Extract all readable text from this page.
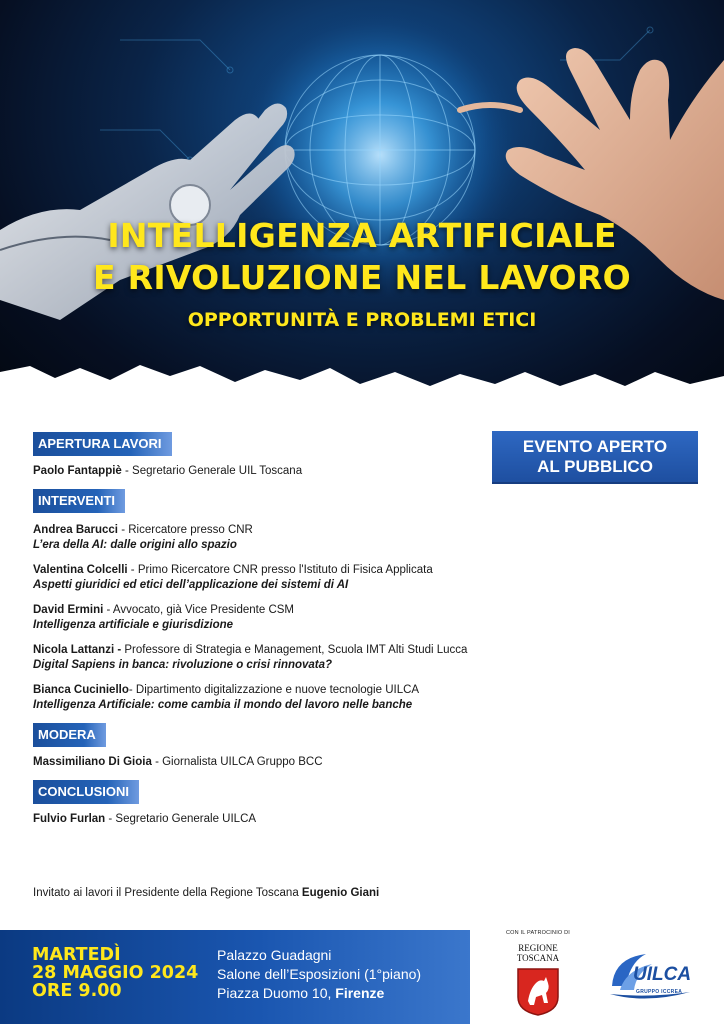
INTELLIGENZA ARTIFICIALE
E RIVOLUZIONE NEL LAVORO
OPPORTUNITÀ E PROBLEMI ETICI
EVENTO APERTO
AL PUBBLICO
APERTURA LAVORI
Paolo Fantappiè - Segretario Generale UIL Toscana
INTERVENTI
Andrea Barucci - Ricercatore presso CNR
L’era della AI: dalle origini allo spazio
Valentina Colcelli - Primo Ricercatore CNR presso l'Istituto di Fisica Applicata
Aspetti giuridici ed etici dell’applicazione dei sistemi di AI
David Ermini - Avvocato, già Vice Presidente CSM
Intelligenza artificiale e giurisdizione
Nicola Lattanzi - Professore di Strategia e Management, Scuola IMT Alti Studi Lucca
Digital Sapiens in banca: rivoluzione o crisi rinnovata?
Bianca Cuciniello- Dipartimento digitalizzazione e nuove tecnologie UILCA
Intelligenza Artificiale: come cambia il mondo del lavoro nelle banche
MODERA
Massimiliano Di Gioia - Giornalista UILCA Gruppo BCC
CONCLUSIONI
Fulvio Furlan - Segretario Generale UILCA
Invitato ai lavori il Presidente della Regione Toscana Eugenio Giani
MARTEDÌ
28 MAGGIO 2024
ORE 9.00
Palazzo Guadagni
Salone dell’Esposizioni (1°piano)
Piazza Duomo 10, Firenze
CON IL PATROCINIO DI
REGIONE
TOSCANA
UILCA
GRUPPO ICCREA
